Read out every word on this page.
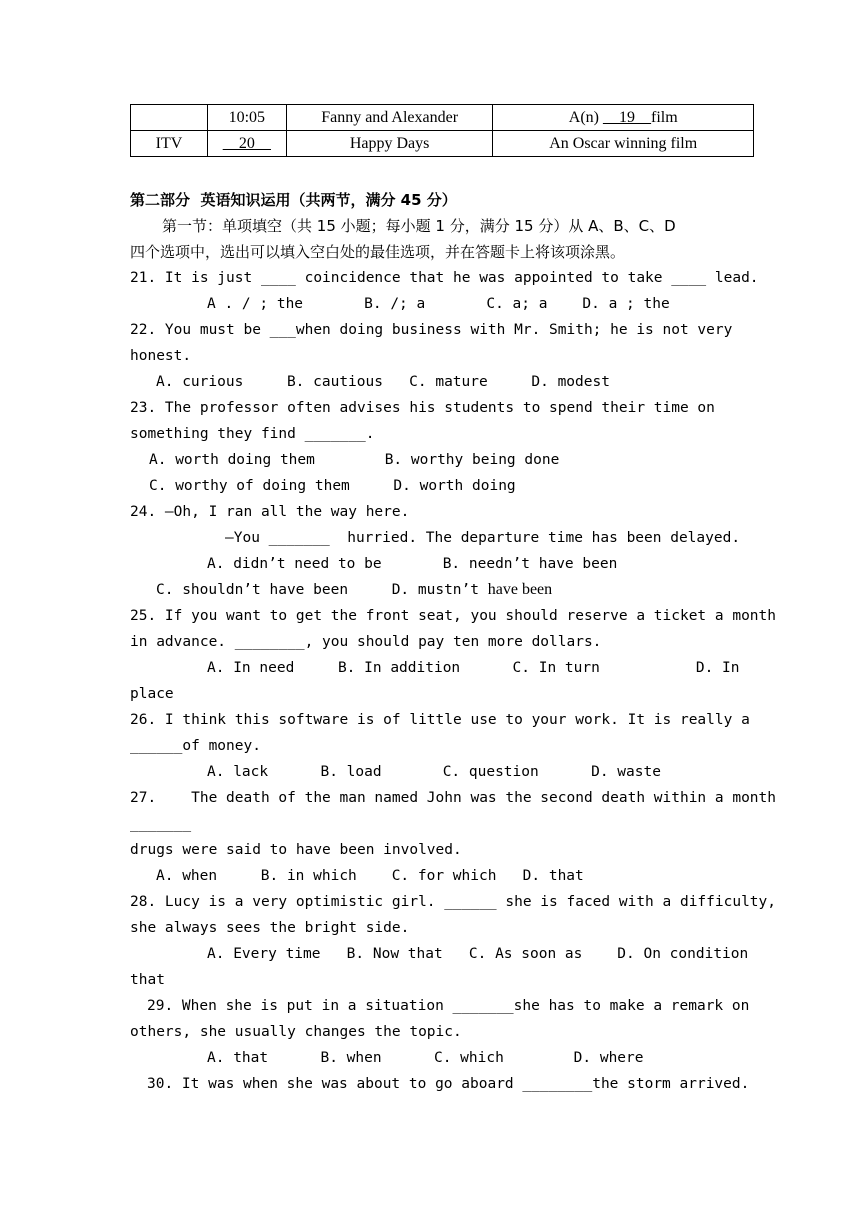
	10:05	Fanny and Alexander	A(n) __19__film
ITV	__20__	Happy Days	An Oscar winning film
第二部分  英语知识运用（共两节，满分 45 分）
第一节：单项填空（共 15 小题；每小题 1 分，满分 15 分）从 A、B、C、D
四个选项中，选出可以填入空白处的最佳选项，并在答题卡上将该项涂黑。
21. It is just ____ coincidence that he was appointed to take ____ lead.
A . / ; the       B. /; a       C. a; a    D. a ; the
22. You must be ___when doing business with Mr. Smith; he is not very
honest.
A. curious     B. cautious   C. mature     D. modest
23. The professor often advises his students to spend their time on
something they find _______.
A. worth doing them        B. worthy being done
C. worthy of doing them     D. worth doing
24. —Oh, I ran all the way here.
—You _______  hurried. The departure time has been delayed.
A. didn’t need to be       B. needn’t have been
C. shouldn’t have been     D. mustn’t have been
25. If you want to get the front seat, you should reserve a ticket a month
in advance. ________, you should pay ten more dollars.
A. In need     B. In addition      C. In turn           D. In
place
26. I think this software is of little use to your work. It is really a
______of money.
A. lack      B. load       C. question      D. waste
27.    The death of the man named John was the second death within a month
_______
drugs were said to have been involved.
A. when     B. in which    C. for which   D. that
28. Lucy is a very optimistic girl. ______ she is faced with a difficulty,
she always sees the bright side.
A. Every time   B. Now that   C. As soon as    D. On condition
that
29. When she is put in a situation _______she has to make a remark on
others, she usually changes the topic.
A. that      B. when      C. which        D. where
30. It was when she was about to go aboard ________the storm arrived.
